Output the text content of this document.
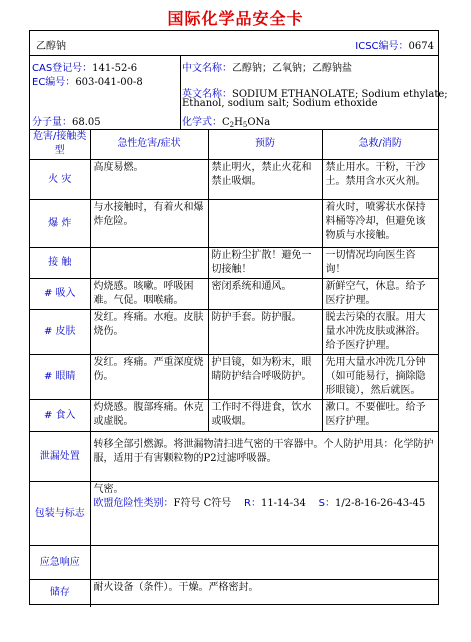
国际化学品安全卡
乙醇钠	ICSC编号：0674
CAS登记号：141-52-6
EC编号：603-041-00-8
分子量：68.05
中文名称：乙醇钠；乙氧钠；乙醇钠盐
英文名称：SODIUM ETHANOLATE; Sodium ethylate;
Ethanol, sodium salt; Sodium ethoxide
化学式：$C_2H_5ONa$
危害/接触类型	急性危害/症状	预防	急救/消防
火 灾	高度易燃。	禁止明火，禁止火花和禁止吸烟。	禁止用水。干粉，干沙土。禁用含水灭火剂。
爆 炸	与水接触时，有着火和爆炸危险。		着火时，喷雾状水保持料桶等冷却，但避免该物质与水接触。
接 触		防止粉尘扩散！避免一切接触！	一切情况均向医生咨询！
# 吸入	灼烧感。咳嗽。呼吸困难。气促。咽喉痛。	密闭系统和通风。	新鲜空气，休息。给予医疗护理。
# 皮肤	发红。疼痛。水疱。皮肤烧伤。	防护手套。防护服。	脱去污染的衣服。用大量水冲洗皮肤或淋浴。给予医疗护理。
# 眼睛	发红。疼痛。严重深度烧伤。	护目镜，如为粉末，眼睛防护结合呼吸防护。	先用大量水冲洗几分钟（如可能易行，摘除隐形眼镜），然后就医。
# 食入	灼烧感。腹部疼痛。休克或虚脱。	工作时不得进食，饮水或吸烟。	漱口。不要催吐。给予医疗护理。
泄漏处置	转移全部引燃源。将泄漏物清扫进气密的干容器中。个人防护用具：化学防护服，适用于有害颗粒物的P2过滤呼吸器。		
包装与标志	气密。
欧盟危险性类别：F符号 C符号 R：11-14-34 S：1/2-8-16-26-43-45		

应急响应			
储存	耐火设备（条件）。干燥。严格密封。		
